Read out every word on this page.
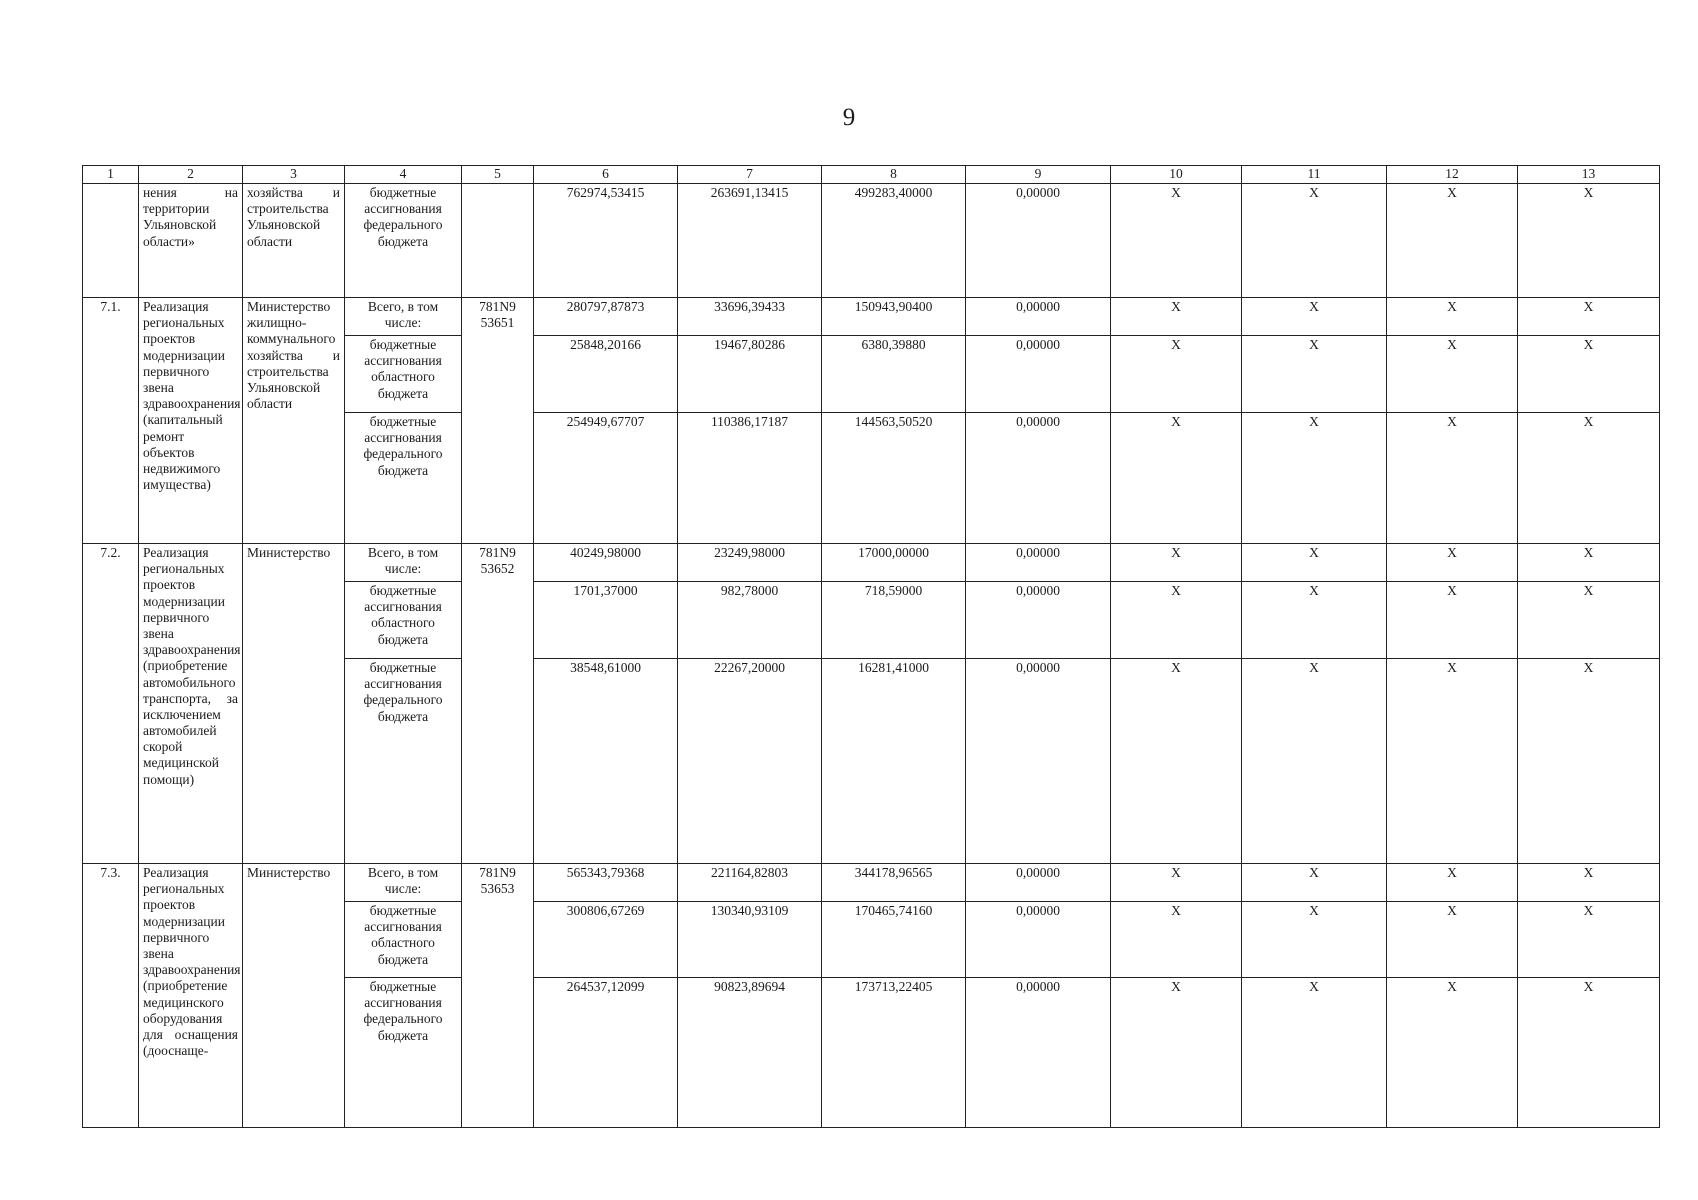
9
1	2	3	4	5	6	7	8	9	10	11	12	13
	нения на территории Ульяновской области»	хозяйства и строительства Ульяновской области	бюджетные ассигнования федерального бюджета		762974,53415	263691,13415	499283,40000	0,00000	X	X	X	X
7.1.	Реализация региональных проектов модернизации первичного звена здравоохранения (капитальный ремонт объектов недвижимого имущества)	Министерство жилищно-коммунального хозяйства и строительства Ульяновской области	Всего, в том числе:	781N9 53651	280797,87873	33696,39433	150943,90400	0,00000	X	X	X	X
			бюджетные ассигнования областного бюджета		25848,20166	19467,80286	6380,39880	0,00000	X	X	X	X
			бюджетные ассигнования федерального бюджета		254949,67707	110386,17187	144563,50520	0,00000	X	X	X	X
7.2.	Реализация региональных проектов модернизации первичного звена здравоохранения (приобретение автомобильного транспорта, за исключением автомобилей скорой медицинской помощи)	Министерство	Всего, в том числе:	781N9 53652	40249,98000	23249,98000	17000,00000	0,00000	X	X	X	X
			бюджетные ассигнования областного бюджета		1701,37000	982,78000	718,59000	0,00000	X	X	X	X
			бюджетные ассигнования федерального бюджета		38548,61000	22267,20000	16281,41000	0,00000	X	X	X	X
7.3.	Реализация региональных проектов модернизации первичного звена здравоохранения (приобретение медицинского оборудования для оснащения (дооснаще-	Министерство	Всего, в том числе:	781N9 53653	565343,79368	221164,82803	344178,96565	0,00000	X	X	X	X
			бюджетные ассигнования областного бюджета		300806,67269	130340,93109	170465,74160	0,00000	X	X	X	X
			бюджетные ассигнования федерального бюджета		264537,12099	90823,89694	173713,22405	0,00000	X	X	X	X
